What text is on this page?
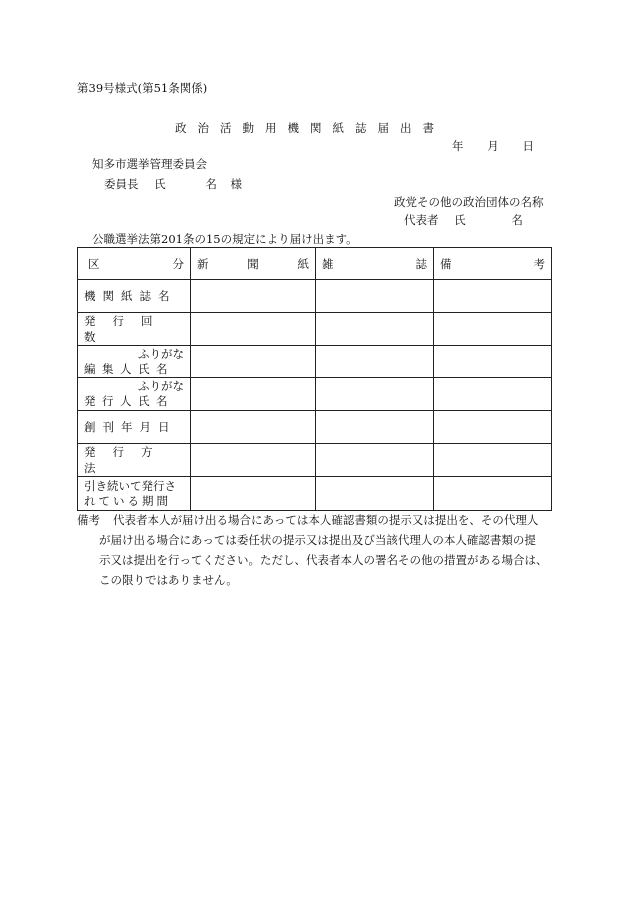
第39号様式(第51条関係)
政治活動用機関紙誌届出書
年 月 日
知多市選挙管理委員会
委員長 氏	名 様
政党その他の政治団体の名称
代表者 氏	名
公職選挙法第201条の15の規定により届け出ます。
区 分	新 聞 紙	雑 誌	備 考

機関紙誌名			
発行回数			

ふりがな
編集人氏名			

ふりがな
発行人氏名			

創刊年月日			
発行方法			

引き続いて発行さ
れている期間			

備考	代表者本人が届け出る場合にあっては本人確認書類の提示又は提出を、その代理人
が届け出る場合にあっては委任状の提示又は提出及び当該代理人の本人確認書類の提
示又は提出を行ってください。ただし、代表者本人の署名その他の措置がある場合は、
この限りではありません。
